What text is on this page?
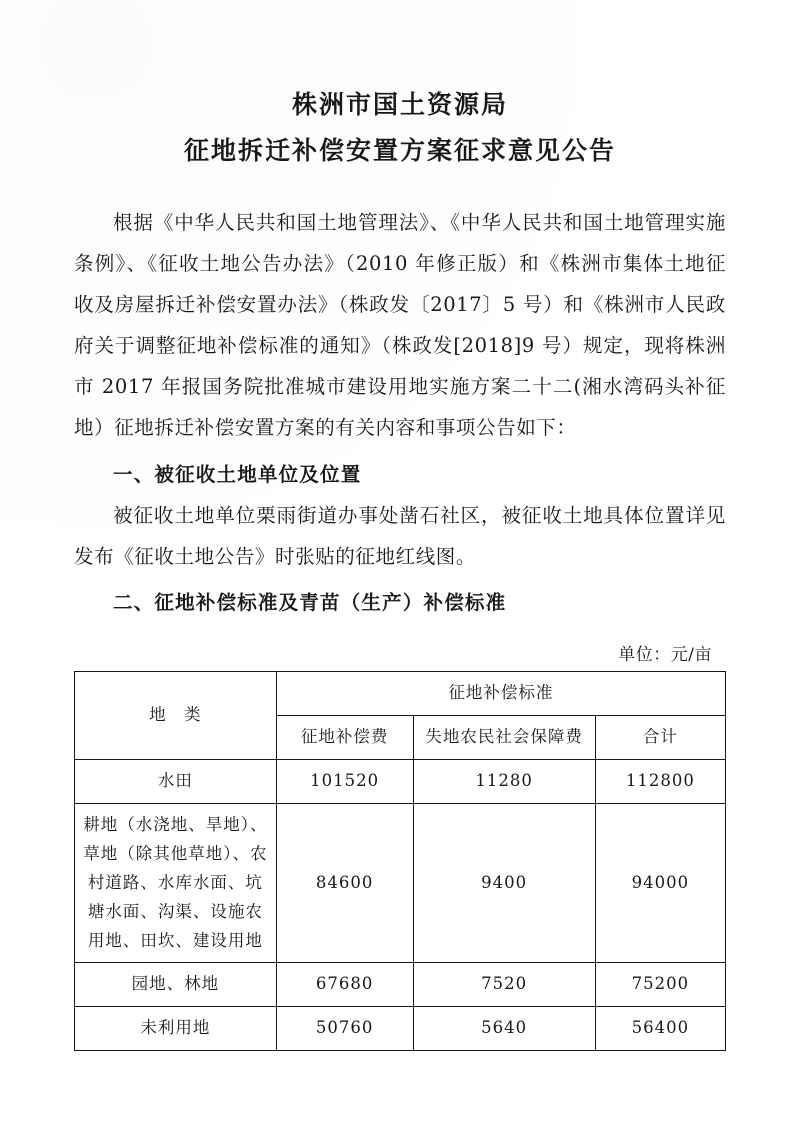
株洲市国土资源局
征地拆迁补偿安置方案征求意见公告
根据《中华人民共和国土地管理法》、《中华人民共和国土地管理实施条例》、《征收土地公告办法》（2010 年修正版）和《株洲市集体土地征收及房屋拆迁补偿安置办法》（株政发〔2017〕5 号）和《株洲市人民政府关于调整征地补偿标准的通知》（株政发[2018]9 号）规定，现将株洲市 2017 年报国务院批准城市建设用地实施方案二十二(湘水湾码头补征地）征地拆迁补偿安置方案的有关内容和事项公告如下：
一、被征收土地单位及位置
被征收土地单位栗雨街道办事处凿石社区，被征收土地具体位置详见发布《征收土地公告》时张贴的征地红线图。
二、征地补偿标准及青苗（生产）补偿标准
单位：元/亩
地　类	征地补偿标准		
	征地补偿费	失地农民社会保障费	合计
水田	101520	11280	112800
耕地（水浇地、旱地）、草地（除其他草地）、农村道路、水库水面、坑塘水面、沟渠、设施农用地、田坎、建设用地	84600	9400	94000
园地、林地	67680	7520	75200
未利用地	50760	5640	56400
